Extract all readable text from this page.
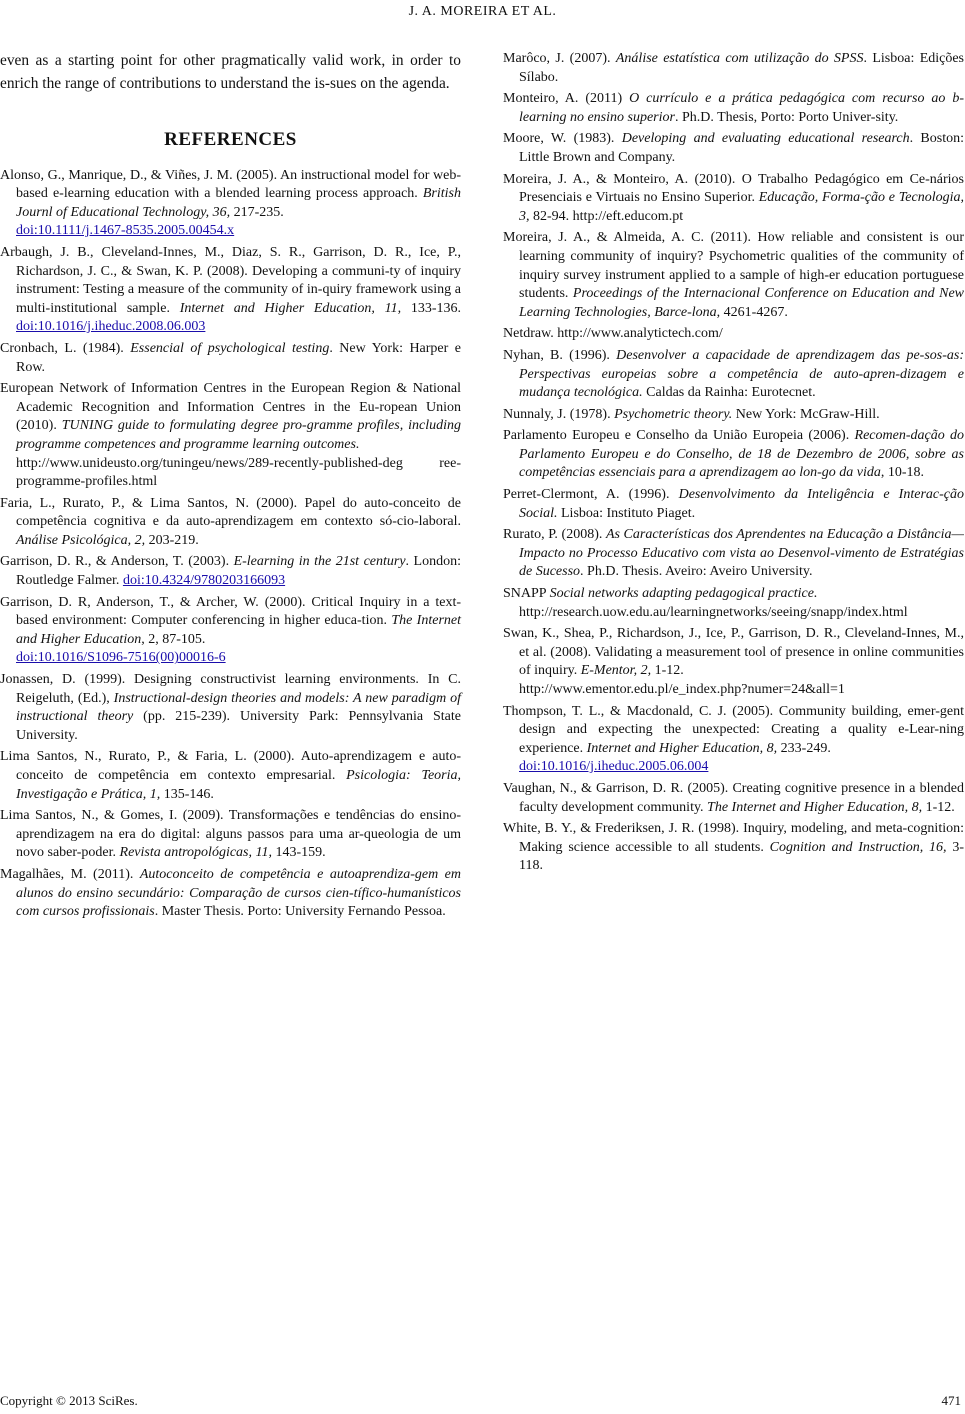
J. A. MOREIRA ET AL.

even as a starting point for other pragmatically valid work, in order to enrich the range of contributions to understand the is-sues on the agenda.

REFERENCES

Alonso, G., Manrique, D., & Viñes, J. M. (2005). An instructional model for web-based e-learning education with a blended learning process approach. British Journl of Educational Technology, 36, 217-235.
doi:10.1111/j.1467-8535.2005.00454.x

Arbaugh, J. B., Cleveland-Innes, M., Diaz, S. R., Garrison, D. R., Ice, P., Richardson, J. C., & Swan, K. P. (2008). Developing a communi-ty of inquiry instrument: Testing a measure of the community of in-quiry framework using a multi-institutional sample. Internet and Higher Education, 11, 133-136. doi:10.1016/j.iheduc.2008.06.003

Cronbach, L. (1984). Essencial of psychological testing. New York: Harper e Row.

European Network of Information Centres in the European Region & National Academic Recognition and Information Centres in the Eu-ropean Union (2010). TUNING guide to formulating degree pro-gramme profiles, including programme competences and programme learning outcomes.
http://www.unideusto.org/tuningeu/news/289-recently-published-deg ree-programme-profiles.html

Faria, L., Rurato, P., & Lima Santos, N. (2000). Papel do auto-conceito de competência cognitiva e da auto-aprendizagem em contexto só-cio-laboral. Análise Psicológica, 2, 203-219.

Garrison, D. R., & Anderson, T. (2003). E-learning in the 21st century. London: Routledge Falmer. doi:10.4324/9780203166093

Garrison, D. R, Anderson, T., & Archer, W. (2000). Critical Inquiry in a text-based environment: Computer conferencing in higher educa-tion. The Internet and Higher Education, 2, 87-105.
doi:10.1016/S1096-7516(00)00016-6

Jonassen, D. (1999). Designing constructivist learning environments. In C. Reigeluth, (Ed.), Instructional-design theories and models: A new paradigm of instructional theory (pp. 215-239). University Park: Pennsylvania State University.

Lima Santos, N., Rurato, P., & Faria, L. (2000). Auto-aprendizagem e auto-conceito de competência em contexto empresarial. Psicologia: Teoria, Investigação e Prática, 1, 135-146.

Lima Santos, N., & Gomes, I. (2009). Transformações e tendências do ensino-aprendizagem na era do digital: alguns passos para uma ar-queologia de um novo saber-poder. Revista antropológicas, 11, 143-159.

Magalhães, M. (2011). Autoconceito de competência e autoaprendiza-gem em alunos do ensino secundário: Comparação de cursos cien-tífico-humanísticos com cursos profissionais. Master Thesis. Porto: University Fernando Pessoa.

Marôco, J. (2007). Análise estatística com utilização do SPSS. Lisboa: Edições Sílabo.

Monteiro, A. (2011) O currículo e a prática pedagógica com recurso ao b-learning no ensino superior. Ph.D. Thesis, Porto: Porto Univer-sity.

Moore, W. (1983). Developing and evaluating educational research. Boston: Little Brown and Company.

Moreira, J. A., & Monteiro, A. (2010). O Trabalho Pedagógico em Ce-nários Presenciais e Virtuais no Ensino Superior. Educação, Forma-ção e Tecnologia, 3, 82-94. http://eft.educom.pt

Moreira, J. A., & Almeida, A. C. (2011). How reliable and consistent is our learning community of inquiry? Psychometric qualities of the community of inquiry survey instrument applied to a sample of high-er education portuguese students. Proceedings of the Internacional Conference on Education and New Learning Technologies, Barce-lona, 4261-4267.

Netdraw. http://www.analytictech.com/

Nyhan, B. (1996). Desenvolver a capacidade de aprendizagem das pe-sos-as: Perspectivas europeias sobre a competência de auto-apren-dizagem e mudança tecnológica. Caldas da Rainha: Eurotecnet.

Nunnaly, J. (1978). Psychometric theory. New York: McGraw-Hill.

Parlamento Europeu e Conselho da União Europeia (2006). Recomen-dação do Parlamento Europeu e do Conselho, de 18 de Dezembro de 2006, sobre as competências essenciais para a aprendizagem ao lon-go da vida, 10-18.

Perret-Clermont, A. (1996). Desenvolvimento da Inteligência e Interac-ção Social. Lisboa: Instituto Piaget.

Rurato, P. (2008). As Características dos Aprendentes na Educação a Distância—Impacto no Processo Educativo com vista ao Desenvol-vimento de Estratégias de Sucesso. Ph.D. Thesis. Aveiro: Aveiro University.

SNAPP Social networks adapting pedagogical practice.
http://research.uow.edu.au/learningnetworks/seeing/snapp/index.html

Swan, K., Shea, P., Richardson, J., Ice, P., Garrison, D. R., Cleveland-Innes, M., et al. (2008). Validating a measurement tool of presence in online communities of inquiry. E-Mentor, 2, 1-12.
http://www.ementor.edu.pl/e_index.php?numer=24&all=1

Thompson, T. L., & Macdonald, C. J. (2005). Community building, emer-gent design and expecting the unexpected: Creating a quality e-Lear-ning experience. Internet and Higher Education, 8, 233-249.
doi:10.1016/j.iheduc.2005.06.004

Vaughan, N., & Garrison, D. R. (2005). Creating cognitive presence in a blended faculty development community. The Internet and Higher Education, 8, 1-12.

White, B. Y., & Frederiksen, J. R. (1998). Inquiry, modeling, and meta-cognition: Making science accessible to all students. Cognition and Instruction, 16, 3-118.

Copyright © 2013 SciRes.	471
